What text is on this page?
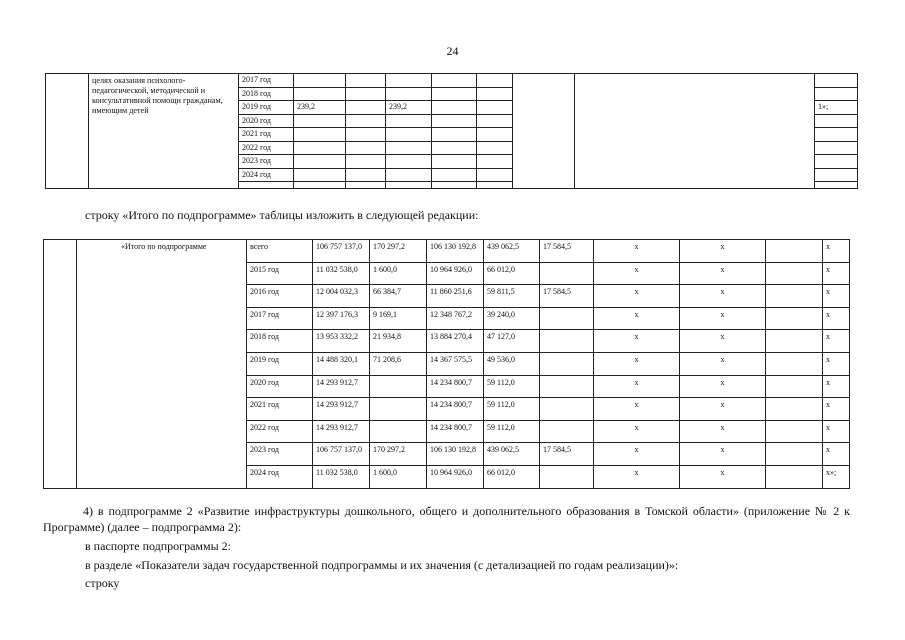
24
	целях оказания психолого-педагогической, методической и консультативной помощи гражданам, имеющим детей	2017 год								
		2018 год								
		2019 год	239,2		239,2					1»;
		2020 год								
		2021 год								
		2022 год								
		2023 год								
		2024 год								

строку «Итого по подпрограмме» таблицы изложить в следующей редакции:
	«Итого по подпрограмме	всего	106 757 137,0	170 297,2	106 130 192,8	439 062,5	17 584,5	х	х		х
		2015 год	11 032 538,0	1 600,0	10 964 926,0	66 012,0		х	х		х
		2016 год	12 004 032,3	66 384,7	11 860 251,6	59 811,5	17 584,5	х	х		х
		2017 год	12 397 176,3	9 169,1	12 348 767,2	39 240,0		х	х		х
		2018 год	13 953 332,2	21 934,8	13 884 270,4	47 127,0		х	х		х
		2019 год	14 488 320,1	71 208,6	14 367 575,5	49 536,0		х	х		х
		2020 год	14 293 912,7		14 234 800,7	59 112,0		х	х		х
		2021 год	14 293 912,7		14 234 800,7	59 112,0		х	х		х
		2022 год	14 293 912,7		14 234 800,7	59 112,0		х	х		х
		2023 год	106 757 137,0	170 297,2	106 130 192,8	439 062,5	17 584,5	х	х		х
		2024 год	11 032 538,0	1 600,0	10 964 926,0	66 012,0		х	х		х»;
4) в подпрограмме 2 «Развитие инфраструктуры дошкольного, общего и дополнительного образования в Томской области» (приложение № 2 к Программе) (далее – подпрограмма 2):
в паспорте подпрограммы 2:
в разделе «Показатели задач государственной подпрограммы и их значения (с детализацией по годам реализации)»:
строку
